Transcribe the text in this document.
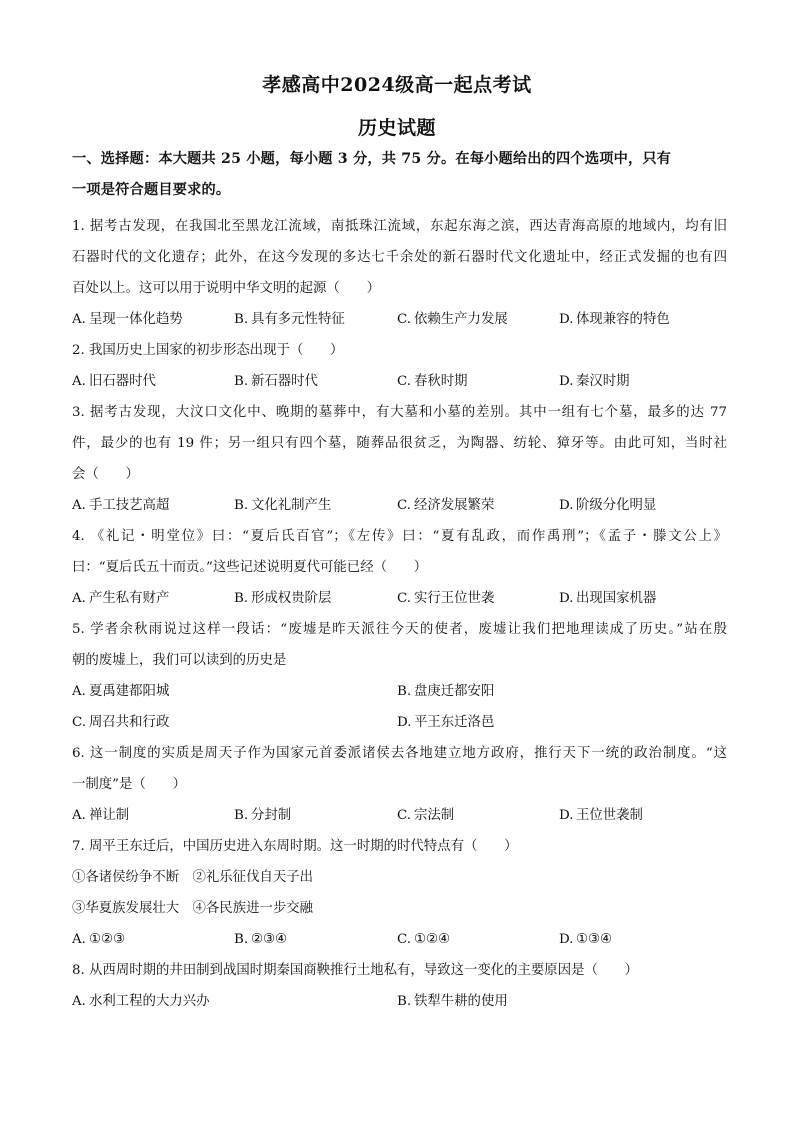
孝感高中2024级高一起点考试
历史试题
一、选择题：本大题共 25 小题，每小题 3 分，共 75 分。在每小题给出的四个选项中，只有
一项是符合题目要求的。
1. 据考古发现，在我国北至黑龙江流域，南抵珠江流域，东起东海之滨，西达青海高原的地域内，均有旧
石器时代的文化遗存；此外，在这今发现的多达七千余处的新石器时代文化遗址中，经正式发掘的也有四
百处以上。这可以用于说明中华文明的起源（　　）
A. 呈现一体化趋势	B. 具有多元性特征	C. 依赖生产力发展	D. 体现兼容的特色
2. 我国历史上国家的初步形态出现于（　　）
A. 旧石器时代	B. 新石器时代	C. 春秋时期	D. 秦汉时期
3. 据考古发现，大汶口文化中、晚期的墓葬中，有大墓和小墓的差别。其中一组有七个墓，最多的达 77
件，最少的也有 19 件；另一组只有四个墓，随葬品很贫乏，为陶器、纺轮、獐牙等。由此可知，当时社
会（　　）
A. 手工技艺高超	B. 文化礼制产生	C. 经济发展繁荣	D. 阶级分化明显
4. 《礼记・明堂位》曰：“夏后氏百官”；《左传》曰：“夏有乱政，而作禹刑”；《孟子・滕文公上》
曰：“夏后氏五十而贡。”这些记述说明夏代可能已经（　　）
A. 产生私有财产	B. 形成权贵阶层	C. 实行王位世袭	D. 出现国家机器
5. 学者余秋雨说过这样一段话：“废墟是昨天派往今天的使者，废墟让我们把地理读成了历史。”站在殷
朝的废墟上，我们可以读到的历史是
A. 夏禹建都阳城	B. 盘庚迁都安阳
C. 周召共和行政	D. 平王东迁洛邑
6. 这一制度的实质是周天子作为国家元首委派诸侯去各地建立地方政府，推行天下一统的政治制度。“这
一制度”是（　　）
A. 禅让制	B. 分封制	C. 宗法制	D. 王位世袭制
7. 周平王东迁后，中国历史进入东周时期。这一时期的时代特点有（　　）
①各诸侯纷争不断　②礼乐征伐自天子出
③华夏族发展壮大　④各民族进一步交融
A. ①②③	B. ②③④	C. ①②④	D. ①③④
8. 从西周时期的井田制到战国时期秦国商鞅推行土地私有，导致这一变化的主要原因是（　　）
A. 水利工程的大力兴办	B. 铁犁牛耕的使用
